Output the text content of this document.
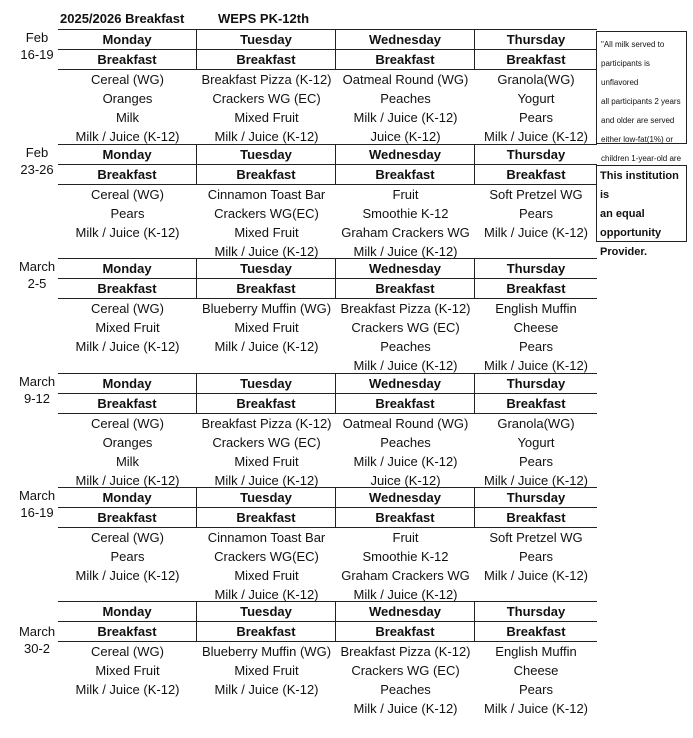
2025/2026 Breakfast	WEPS PK-12th
Feb
16-19
Monday
Breakfast
Cereal (WG)
Oranges
Milk
Milk / Juice (K-12)
Tuesday
Breakfast
Breakfast Pizza (K-12)
Crackers WG (EC)
Mixed Fruit
Milk / Juice (K-12)
Wednesday
Breakfast
Oatmeal Round (WG)
Peaches
Milk / Juice (K-12)
Juice (K-12)
Thursday
Breakfast
Granola(WG)
Yogurt
Pears
Milk / Juice (K-12)
Feb
23-26
Monday
Breakfast
Cereal (WG)
Pears
Milk / Juice (K-12)
Tuesday
Breakfast
Cinnamon Toast Bar
Crackers WG(EC)
Mixed Fruit
Milk / Juice (K-12)
Wednesday
Breakfast
Fruit
Smoothie K-12
Graham Crackers WG
Milk / Juice (K-12)
Thursday
Breakfast
Soft Pretzel WG
Pears
Milk / Juice (K-12)
March
2-5
Monday
Breakfast
Cereal (WG)
Mixed Fruit
Milk / Juice (K-12)
Tuesday
Breakfast
Blueberry Muffin (WG)
Mixed Fruit
Milk / Juice (K-12)
Wednesday
Breakfast
Breakfast Pizza (K-12)
Crackers WG (EC)
Peaches
Milk / Juice (K-12)
Thursday
Breakfast
English Muffin
Cheese
Pears
Milk / Juice (K-12)
March
9-12
Monday
Breakfast
Cereal (WG)
Oranges
Milk
Milk / Juice (K-12)
Tuesday
Breakfast
Breakfast Pizza (K-12)
Crackers WG (EC)
Mixed Fruit
Milk / Juice (K-12)
Wednesday
Breakfast
Oatmeal Round (WG)
Peaches
Milk / Juice (K-12)
Juice (K-12)
Thursday
Breakfast
Granola(WG)
Yogurt
Pears
Milk / Juice (K-12)
March
16-19
Monday
Breakfast
Cereal (WG)
Pears
Milk / Juice (K-12)
Tuesday
Breakfast
Cinnamon Toast Bar
Crackers WG(EC)
Mixed Fruit
Milk / Juice (K-12)
Wednesday
Breakfast
Fruit
Smoothie K-12
Graham Crackers WG
Milk / Juice (K-12)
Thursday
Breakfast
Soft Pretzel WG
Pears
Milk / Juice (K-12)
March
30-2
Monday
Breakfast
Cereal (WG)
Mixed Fruit
Milk / Juice (K-12)
Tuesday
Breakfast
Blueberry Muffin (WG)
Mixed Fruit
Milk / Juice (K-12)
Wednesday
Breakfast
Breakfast Pizza (K-12)
Crackers WG (EC)
Peaches
Milk / Juice (K-12)
Thursday
Breakfast
English Muffin
Cheese
Pears
Milk / Juice (K-12)
"All milk served to
participants is unflavored
all participants 2 years
and older are served
either low-fat(1%) or
children 1-year-old are
This institution is
an equal
opportunity
Provider.
